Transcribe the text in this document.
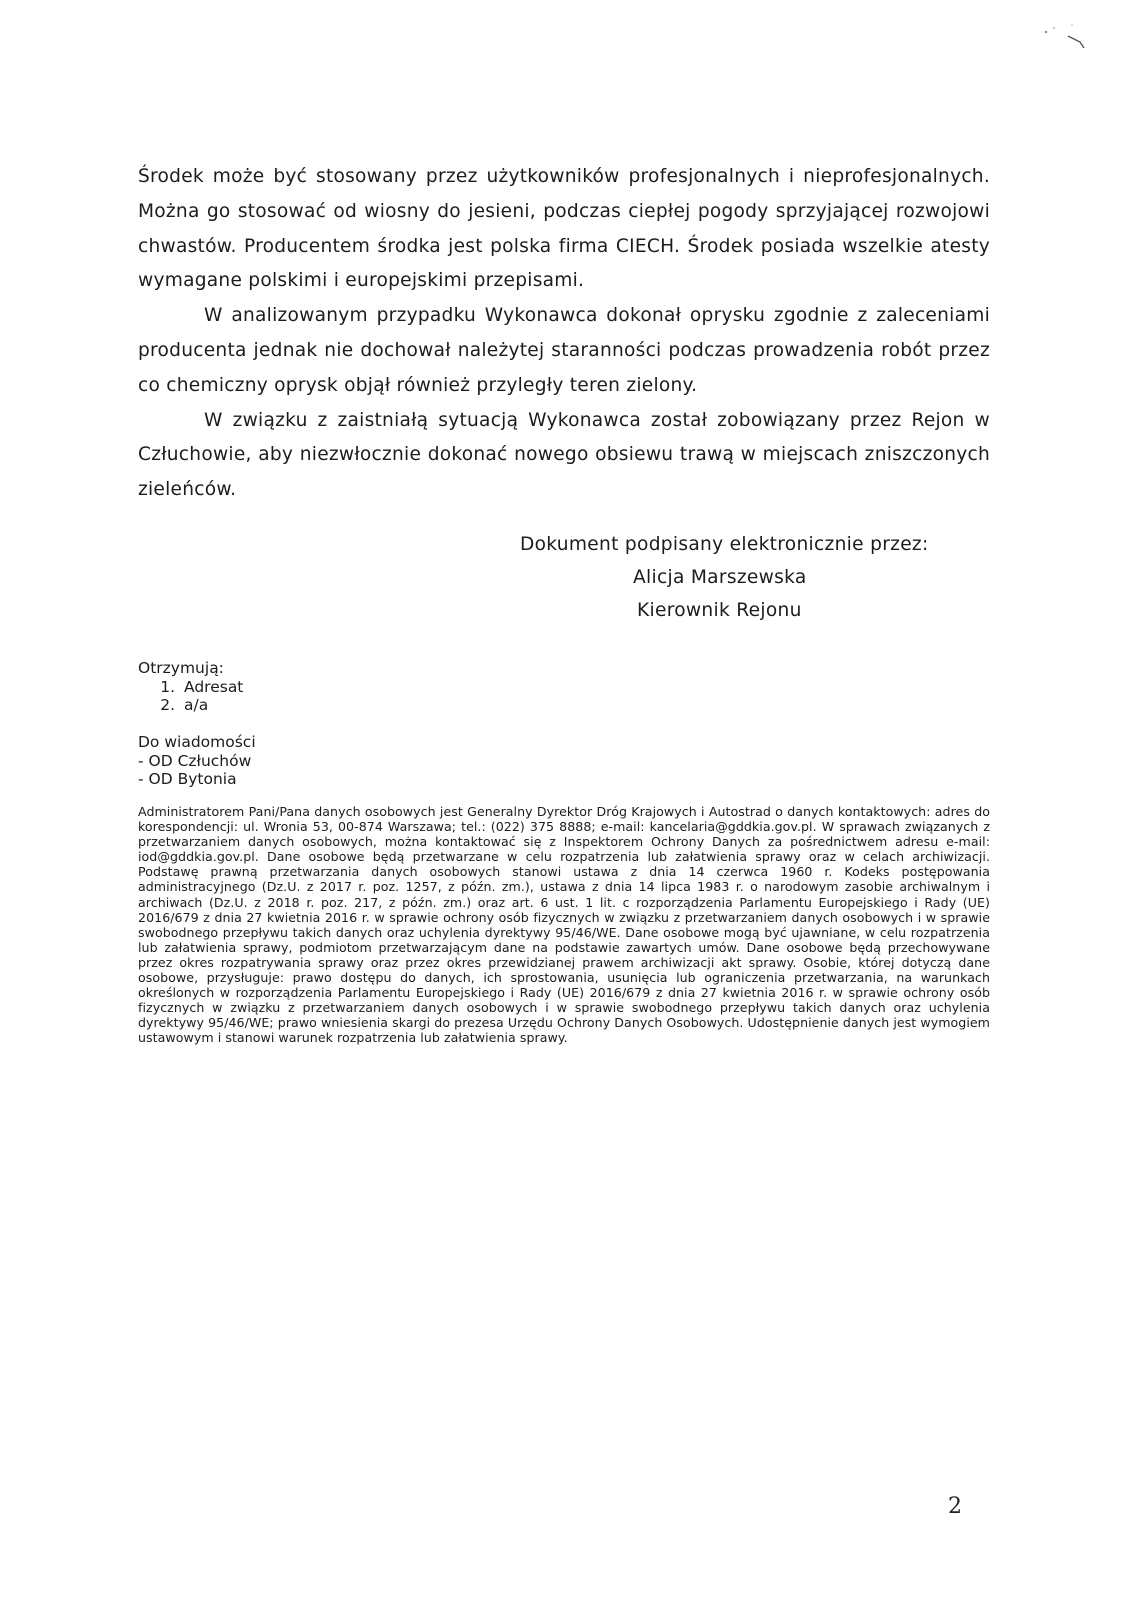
Środek może być stosowany przez użytkowników profesjonalnych i nieprofesjonalnych. Można go stosować od wiosny do jesieni, podczas ciepłej pogody sprzyjającej rozwojowi chwastów. Producentem środka jest polska firma CIECH. Środek posiada wszelkie atesty wymagane polskimi i europejskimi przepisami.

W analizowanym przypadku Wykonawca dokonał oprysku zgodnie z zaleceniami producenta jednak nie dochował należytej staranności podczas prowadzenia robót przez co chemiczny oprysk objął również przyległy teren zielony.

W związku z zaistniałą sytuacją Wykonawca został zobowiązany przez Rejon w Człuchowie, aby niezwłocznie dokonać nowego obsiewu trawą w miejscach zniszczonych zieleńców.

Dokument podpisany elektronicznie przez:
Alicja Marszewska
Kierownik Rejonu
Otrzymują:
1. Adresat
2. a/a
Do wiadomości
- OD Człuchów
- OD Bytonia

Administratorem Pani/Pana danych osobowych jest Generalny Dyrektor Dróg Krajowych i Autostrad o danych kontaktowych: adres do korespondencji: ul. Wronia 53, 00-874 Warszawa; tel.: (022) 375 8888; e-mail: kancelaria@gddkia.gov.pl. W sprawach związanych z przetwarzaniem danych osobowych, można kontaktować się z Inspektorem Ochrony Danych za pośrednictwem adresu e-mail: iod@gddkia.gov.pl. Dane osobowe będą przetwarzane w celu rozpatrzenia lub załatwienia sprawy oraz w celach archiwizacji. Podstawę prawną przetwarzania danych osobowych stanowi ustawa z dnia 14 czerwca 1960 r. Kodeks postępowania administracyjnego (Dz.U. z 2017 r. poz. 1257, z późn. zm.), ustawa z dnia 14 lipca 1983 r. o narodowym zasobie archiwalnym i archiwach (Dz.U. z 2018 r. poz. 217, z późn. zm.) oraz art. 6 ust. 1 lit. c rozporządzenia Parlamentu Europejskiego i Rady (UE) 2016/679 z dnia 27 kwietnia 2016 r. w sprawie ochrony osób fizycznych w związku z przetwarzaniem danych osobowych i w sprawie swobodnego przepływu takich danych oraz uchylenia dyrektywy 95/46/WE. Dane osobowe mogą być ujawniane, w celu rozpatrzenia lub załatwienia sprawy, podmiotom przetwarzającym dane na podstawie zawartych umów. Dane osobowe będą przechowywane przez okres rozpatrywania sprawy oraz przez okres przewidzianej prawem archiwizacji akt sprawy. Osobie, której dotyczą dane osobowe, przysługuje: prawo dostępu do danych, ich sprostowania, usunięcia lub ograniczenia przetwarzania, na warunkach określonych w rozporządzenia Parlamentu Europejskiego i Rady (UE) 2016/679 z dnia 27 kwietnia 2016 r. w sprawie ochrony osób fizycznych w związku z przetwarzaniem danych osobowych i w sprawie swobodnego przepływu takich danych oraz uchylenia dyrektywy 95/46/WE; prawo wniesienia skargi do prezesa Urzędu Ochrony Danych Osobowych. Udostępnienie danych jest wymogiem ustawowym i stanowi warunek rozpatrzenia lub załatwienia sprawy.

2
